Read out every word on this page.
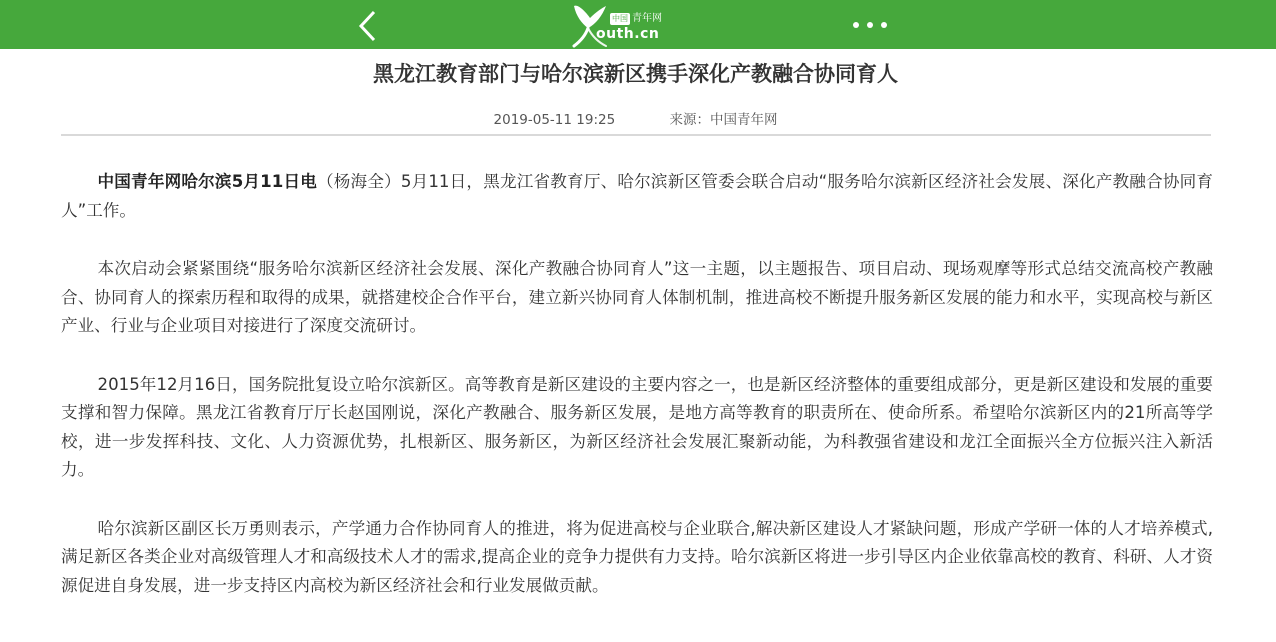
中国 青年网
outh.cn
黑龙江教育部门与哈尔滨新区携手深化产教融合协同育人
2019-05-11 19:25	来源：中国青年网

中国青年网哈尔滨5月11日电（杨海全）5月11日，黑龙江省教育厅、哈尔滨新区管委会联合启动“服务哈尔滨新区经济社会发展、深化产教融合协同育人”工作。

本次启动会紧紧围绕“服务哈尔滨新区经济社会发展、深化产教融合协同育人”这一主题，以主题报告、项目启动、现场观摩等形式总结交流高校产教融合、协同育人的探索历程和取得的成果，就搭建校企合作平台，建立新兴协同育人体制机制，推进高校不断提升服务新区发展的能力和水平，实现高校与新区产业、行业与企业项目对接进行了深度交流研讨。

2015年12月16日，国务院批复设立哈尔滨新区。高等教育是新区建设的主要内容之一，也是新区经济整体的重要组成部分，更是新区建设和发展的重要支撑和智力保障。黑龙江省教育厅厅长赵国刚说，深化产教融合、服务新区发展，是地方高等教育的职责所在、使命所系。希望哈尔滨新区内的21所高等学校，进一步发挥科技、文化、人力资源优势，扎根新区、服务新区，为新区经济社会发展汇聚新动能，为科教强省建设和龙江全面振兴全方位振兴注入新活力。

哈尔滨新区副区长万勇则表示，产学通力合作协同育人的推进，将为促进高校与企业联合,解决新区建设人才紧缺问题，形成产学研一体的人才培养模式,满足新区各类企业对高级管理人才和高级技术人才的需求,提高企业的竞争力提供有力支持。哈尔滨新区将进一步引导区内企业依靠高校的教育、科研、人才资源促进自身发展，进一步支持区内高校为新区经济社会和行业发展做贡献。
